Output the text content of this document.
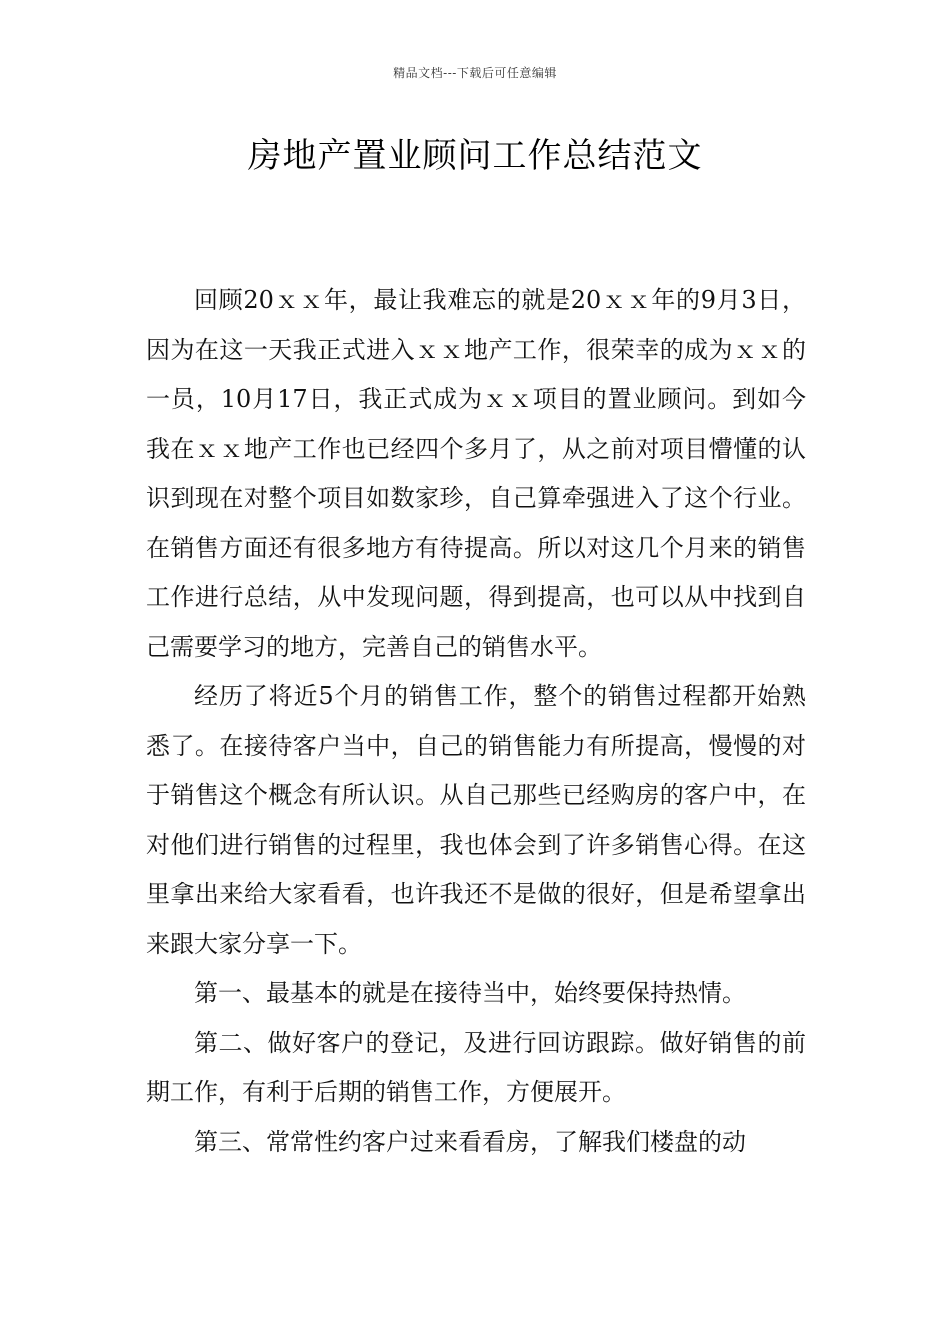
精品文档---下载后可任意编辑
房地产置业顾问工作总结范文

回顾20ｘｘ年，最让我难忘的就是20ｘｘ年的9月3日，因为在这一天我正式进入ｘｘ地产工作，很荣幸的成为ｘｘ的一员，10月17日，我正式成为ｘｘ项目的置业顾问。到如今我在ｘｘ地产工作也已经四个多月了，从之前对项目懵懂的认识到现在对整个项目如数家珍，自己算牵强进入了这个行业。在销售方面还有很多地方有待提高。所以对这几个月来的销售工作进行总结，从中发现问题，得到提高，也可以从中找到自己需要学习的地方，完善自己的销售水平。

经历了将近5个月的销售工作，整个的销售过程都开始熟悉了。在接待客户当中，自己的销售能力有所提高，慢慢的对于销售这个概念有所认识。从自己那些已经购房的客户中，在对他们进行销售的过程里，我也体会到了许多销售心得。在这里拿出来给大家看看，也许我还不是做的很好，但是希望拿出来跟大家分享一下。

第一、最基本的就是在接待当中，始终要保持热情。

第二、做好客户的登记，及进行回访跟踪。做好销售的前期工作，有利于后期的销售工作，方便展开。

第三、常常性约客户过来看看房，了解我们楼盘的动
